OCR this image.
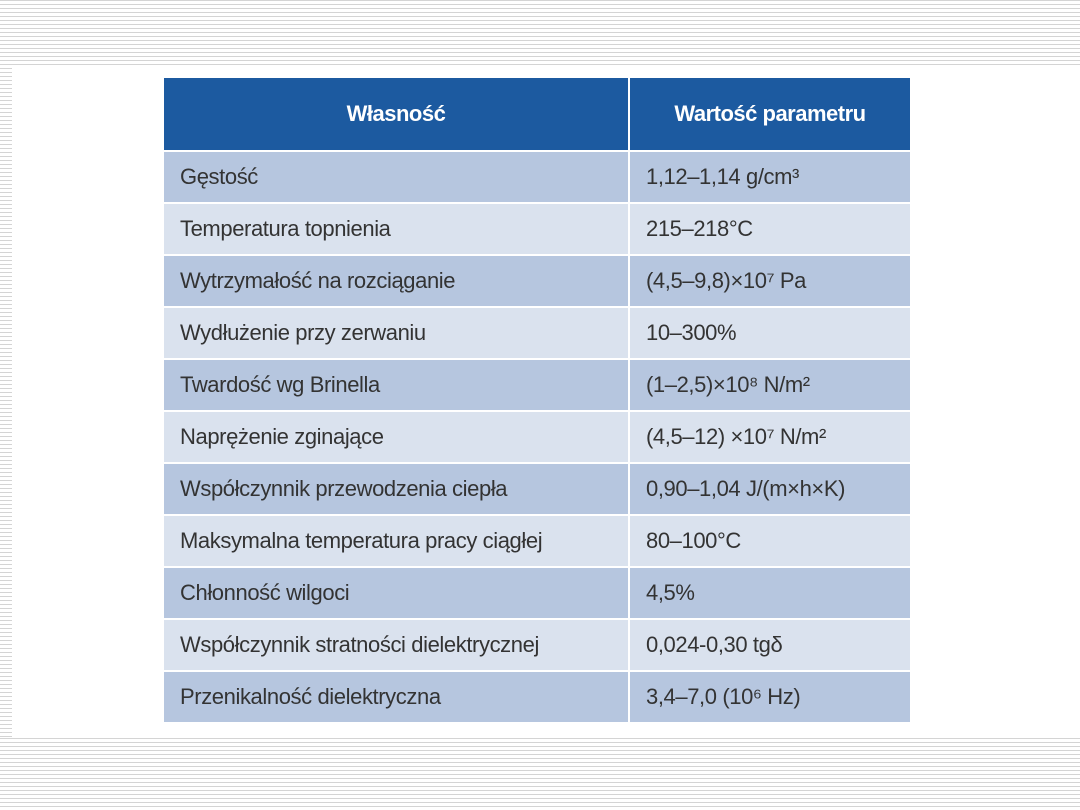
Własność	Wartość parametru
Gęstość	1,12–1,14 g/cm³
Temperatura topnienia	215–218°C
Wytrzymałość na rozciąganie	(4,5–9,8)×10⁷ Pa
Wydłużenie przy zerwaniu	10–300%
Twardość wg Brinella	(1–2,5)×10⁸ N/m²
Naprężenie zginające	(4,5–12) ×10⁷ N/m²
Współczynnik przewodzenia ciepła	0,90–1,04 J/(m×h×K)
Maksymalna temperatura pracy ciągłej	80–100°C
Chłonność wilgoci	4,5%
Współczynnik stratności dielektrycznej	0,024-0,30 tgδ
Przenikalność dielektryczna	3,4–7,0 (10⁶ Hz)
